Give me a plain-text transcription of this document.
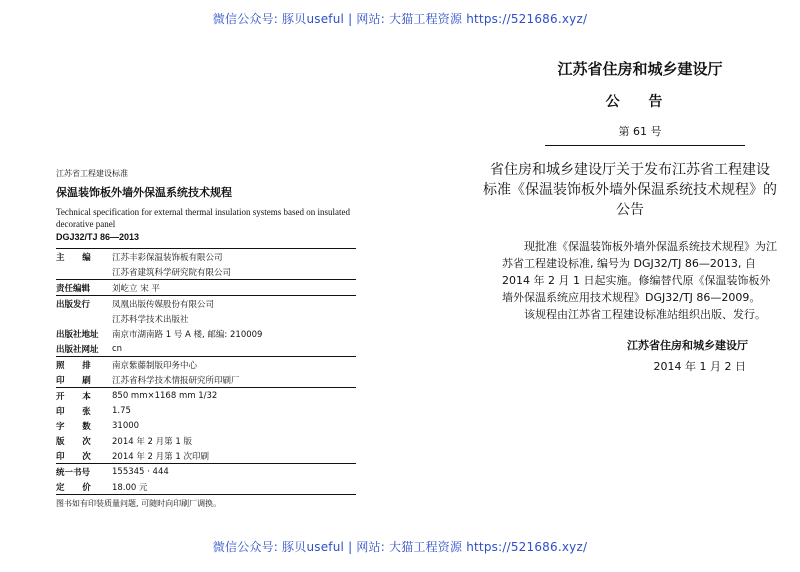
微信公众号: 豚贝useful | 网站: 大猫工程资源 https://521686.xyz/
江苏省工程建设标准
保温装饰板外墙外保温系统技术规程
Technical specification for external thermal insulation systems based on insulated decorative panel
DGJ32/TJ 86—2013
主      编	江苏丰彩保温装饰板有限公司
江苏省建筑科学研究院有限公司
责任编辑	刘屹立 宋 平
出版发行	凤凰出版传媒股份有限公司
江苏科学技术出版社
出版社地址	南京市湖南路 1 号 A 楼, 邮编: 210009
出版社网址	cn
照      排	南京紫藤制版印务中心
印      刷	江苏省科学技术情报研究所印刷厂
开      本	850 mm×1168 mm 1/32
印      张	1.75
字      数	31000
版      次	2014 年 2 月第 1 版
印      次	2014 年 2 月第 1 次印刷
统一书号	155345 · 444
定      价	18.00 元
图书如有印装质量问题, 可随时向印刷厂调换。
江苏省住房和城乡建设厅
公 告
第 61 号
省住房和城乡建设厅关于发布江苏省工程建设
标准《保温装饰板外墙外保温系统技术规程》的公告
现批准《保温装饰板外墙外保温系统技术规程》为江苏省工程建设标准, 编号为 DGJ32/TJ 86—2013, 自 2014 年 2 月 1 日起实施。修编替代原《保温装饰板外墙外保温系统应用技术规程》DGJ32/TJ 86—2009。
该规程由江苏省工程建设标准站组织出版、发行。
江苏省住房和城乡建设厅
2014 年 1 月 2 日
微信公众号: 豚贝useful | 网站: 大猫工程资源 https://521686.xyz/
